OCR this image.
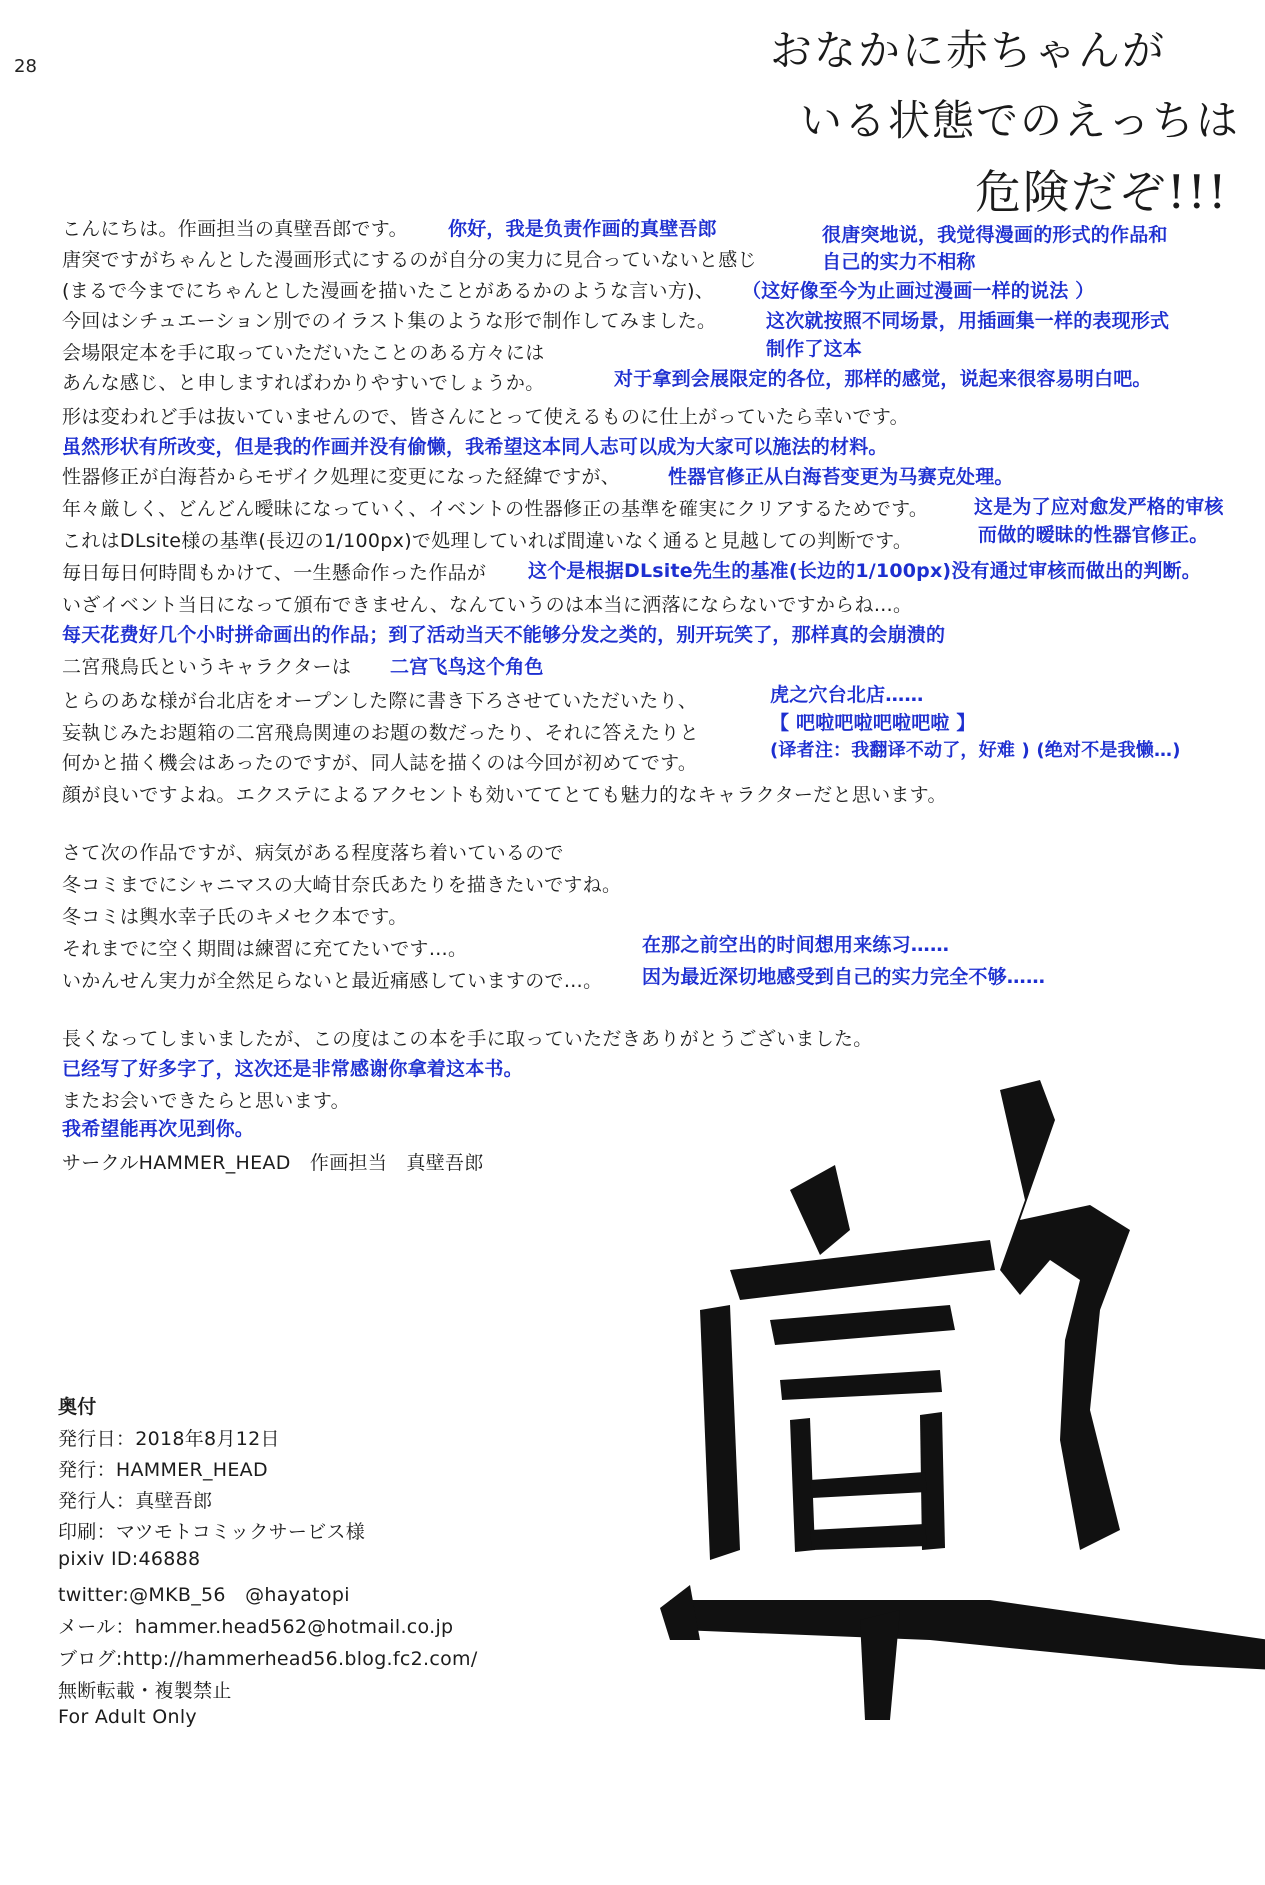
28	おなかに赤ちゃんが
いる状態でのえっちは
危険だぞ!!!
こんにちは。作画担当の真壁吾郎です。 你好，我是负责作画的真壁吾郎	很唐突地说，我觉得漫画的形式的作品和
唐突ですがちゃんとした漫画形式にするのが自分の実力に見合っていないと感じ	自己的实力不相称
(まるで今までにちゃんとした漫画を描いたことがあるかのような言い方)、 （这好像至今为止画过漫画一样的说法 ）
今回はシチュエーション別でのイラスト集のような形で制作してみました。	这次就按照不同场景，用插画集一样的表现形式
制作了这本
会場限定本を手に取っていただいたことのある方々には
あんな感じ、と申しますればわかりやすいでしょうか。	对于拿到会展限定的各位，那样的感觉，说起来很容易明白吧。
形は変われど手は抜いていませんので、皆さんにとって使えるものに仕上がっていたら幸いです。
虽然形状有所改变，但是我的作画并没有偷懒，我希望这本同人志可以成为大家可以施法的材料。
性器修正が白海苔からモザイク処理に変更になった経緯ですが、	性器官修正从白海苔变更为马赛克处理。
年々厳しく、どんどん曖昧になっていく、イベントの性器修正の基準を確実にクリアするためです。 这是为了应对愈发严格的审核
これはDLsite様の基準(長辺の1/100px)で処理していれば間違いなく通ると見越しての判断です。	而做的暧昧的性器官修正。
毎日毎日何時間もかけて、一生懸命作った作品が 这个是根据DLsite先生的基准(长边的1/100px)没有通过审核而做出的判断。
いざイベント当日になって頒布できません、なんていうのは本当に洒落にならないですからね…。
每天花费好几个小时拼命画出的作品；到了活动当天不能够分发之类的，别开玩笑了，那样真的会崩溃的
二宮飛鳥氏というキャラクターは 二宫飞鸟这个角色
とらのあな様が台北店をオープンした際に書き下ろさせていただいたり、	虎之穴台北店……
妄執じみたお題箱の二宮飛鳥関連のお題の数だったり、それに答えたりと	【 吧啦吧啦吧啦吧啦 】
何かと描く機会はあったのですが、同人誌を描くのは今回が初めてです。
(译者注：我翻译不动了，好难 ) (绝对不是我懒…)
顔が良いですよね。エクステによるアクセントも効いててとても魅力的なキャラクターだと思います。
さて次の作品ですが、病気がある程度落ち着いているので
冬コミまでにシャニマスの大崎甘奈氏あたりを描きたいですね。
冬コミは輿水幸子氏のキメセク本です。
それまでに空く期間は練習に充てたいです…。	在那之前空出的时间想用来练习……
いかんせん実力が全然足らないと最近痛感していますので…。 因为最近深切地感受到自己的实力完全不够……
長くなってしまいましたが、この度はこの本を手に取っていただきありがとうございました。
已经写了好多字了，这次还是非常感谢你拿着这本书。
またお会いできたらと思います。
我希望能再次见到你。
サークルHAMMER_HEAD　作画担当　真壁吾郎
奥付
発行日：2018年8月12日
発行：HAMMER_HEAD
発行人：真壁吾郎
印刷：マツモトコミックサービス様
pixiv ID:46888
twitter:@MKB_56　@hayatopi
メール：hammer.head562@hotmail.co.jp
ブログ:http://hammerhead56.blog.fc2.com/
無断転載・複製禁止
For Adult Only
